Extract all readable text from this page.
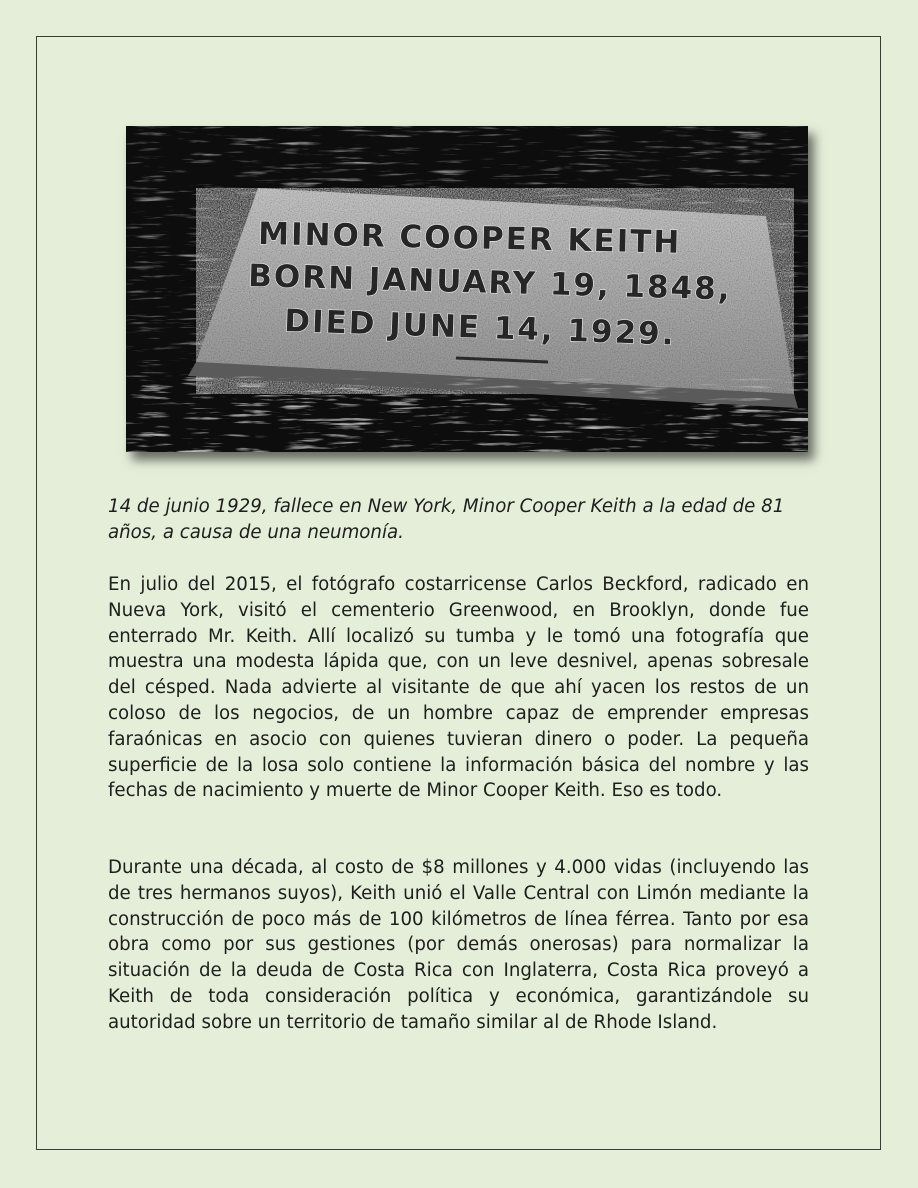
MINOR COOPER KEITH
BORN JANUARY 19, 1848,
DIED JUNE 14, 1929.

14 de junio 1929, fallece en New York, Minor Cooper Keith a la edad de 81 años, a causa de una neumonía.

En julio del 2015, el fotógrafo costarricense Carlos Beckford, radicado en Nueva York, visitó el cementerio Greenwood, en Brooklyn, donde fue enterrado Mr. Keith. Allí localizó su tumba y le tomó una fotografía que muestra una modesta lápida que, con un leve desnivel, apenas sobresale del césped. Nada advierte al visitante de que ahí yacen los restos de un coloso de los negocios, de un hombre capaz de emprender empresas faraónicas en asocio con quienes tuvieran dinero o poder. La pequeña superficie de la losa solo contiene la información básica del nombre y las fechas de nacimiento y muerte de Minor Cooper Keith. Eso es todo.

Durante una década, al costo de $8 millones y 4.000 vidas (incluyendo las de tres hermanos suyos), Keith unió el Valle Central con Limón mediante la construcción de poco más de 100 kilómetros de línea férrea. Tanto por esa obra como por sus gestiones (por demás onerosas) para normalizar la situación de la deuda de Costa Rica con Inglaterra, Costa Rica proveyó a Keith de toda consideración política y económica, garantizándole su autoridad sobre un territorio de tamaño similar al de Rhode Island.
